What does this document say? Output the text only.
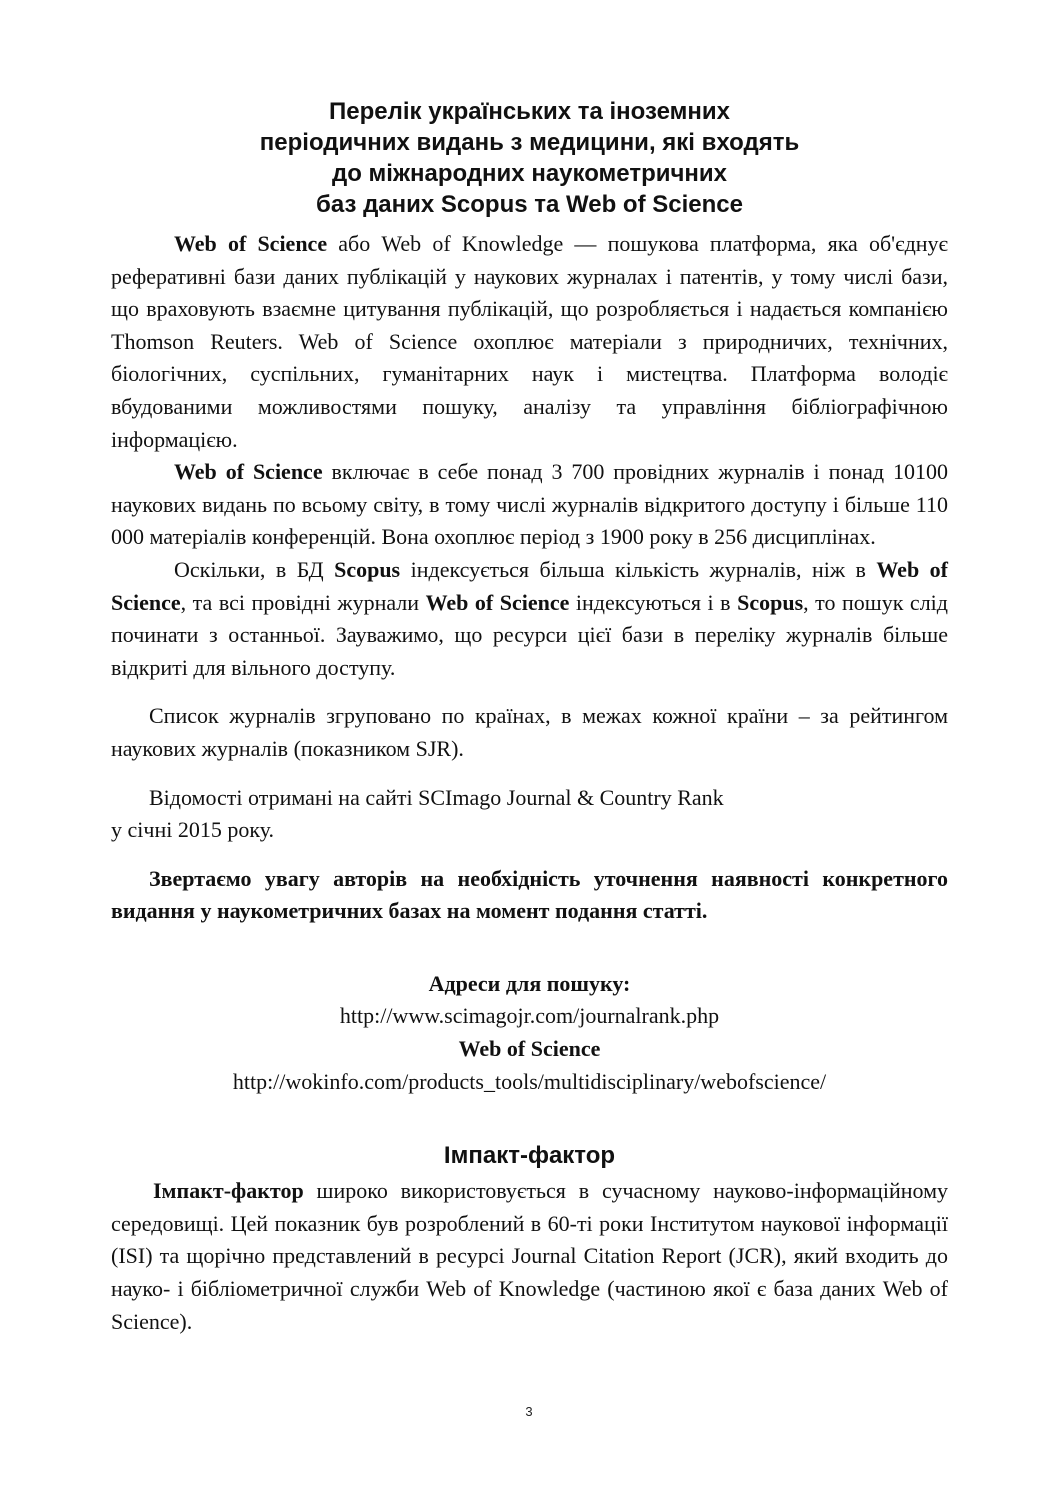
Перелік українських та іноземних
періодичних видань з медицини, які входять
до міжнародних наукометричних
баз даних Scopus та Web of Science

Web of Science або Web of Knowledge — пошукова платформа, яка об'єднує реферативні бази даних публікацій у наукових журналах і патентів, у тому числі бази, що враховують взаємне цитування публікацій, що розробляється і надається компанією Thomson Reuters. Web of Science охоплює матеріали з природничих, технічних, біологічних, суспільних, гуманітарних наук і мистецтва. Платформа володіє вбудованими можливостями пошуку, аналізу та управління бібліографічною інформацією.

Web of Science включає в себе понад 3 700 провідних журналів і понад 10100 наукових видань по всьому світу, в тому числі журналів відкритого доступу і більше 110 000 матеріалів конференцій. Вона охоплює період з 1900 року в 256 дисциплінах.

Оскільки, в БД Scopus індексується більша кількість журналів, ніж в Web of Science, та всі провідні журнали Web of Science індексуються і в Scopus, то пошук слід починати з останньої. Зауважимо, що ресурси цієї бази в переліку журналів більше відкриті для вільного доступу.

Список журналів згруповано по країнах, в межах кожної країни – за рейтингом наукових журналів (показником SJR).

Відомості отримані на сайті SCImago Journal & Country Rank
у січні 2015 року.

Звертаємо увагу авторів на необхідність уточнення наявності конкретного видання у наукометричних базах на момент подання статті.

Адреси для пошуку:

http://www.scimagojr.com/journalrank.php

Web of Science

http://wokinfo.com/products_tools/multidisciplinary/webofscience/

Імпакт-фактор

Імпакт-фактор широко використовується в сучасному науково-інформаційному середовищі. Цей показник був розроблений в 60-ті роки Інститутом наукової інформації (ISI) та щорічно представлений в ресурсі Journal Citation Report (JCR), який входить до науко- і бібліометричної служби Web of Knowledge (частиною якої є база даних Web of Science).

3
